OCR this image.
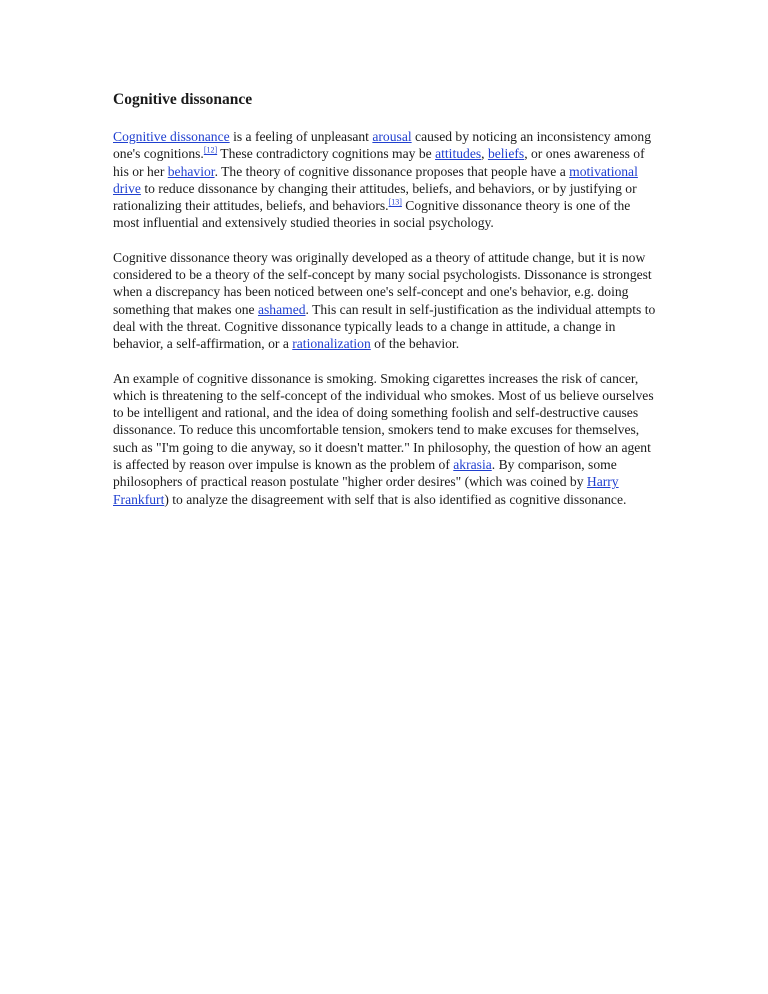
Cognitive dissonance

Cognitive dissonance is a feeling of unpleasant arousal caused by noticing an inconsistency among one's cognitions.[12] These contradictory cognitions may be attitudes, beliefs, or ones awareness of his or her behavior. The theory of cognitive dissonance proposes that people have a motivational drive to reduce dissonance by changing their attitudes, beliefs, and behaviors, or by justifying or rationalizing their attitudes, beliefs, and behaviors.[13] Cognitive dissonance theory is one of the most influential and extensively studied theories in social psychology.

Cognitive dissonance theory was originally developed as a theory of attitude change, but it is now considered to be a theory of the self-concept by many social psychologists. Dissonance is strongest when a discrepancy has been noticed between one's self-concept and one's behavior, e.g. doing something that makes one ashamed. This can result in self-justification as the individual attempts to deal with the threat. Cognitive dissonance typically leads to a change in attitude, a change in behavior, a self-affirmation, or a rationalization of the behavior.

An example of cognitive dissonance is smoking. Smoking cigarettes increases the risk of cancer, which is threatening to the self-concept of the individual who smokes. Most of us believe ourselves to be intelligent and rational, and the idea of doing something foolish and self-destructive causes dissonance. To reduce this uncomfortable tension, smokers tend to make excuses for themselves, such as "I'm going to die anyway, so it doesn't matter." In philosophy, the question of how an agent is affected by reason over impulse is known as the problem of akrasia. By comparison, some philosophers of practical reason postulate "higher order desires" (which was coined by Harry Frankfurt) to analyze the disagreement with self that is also identified as cognitive dissonance.
